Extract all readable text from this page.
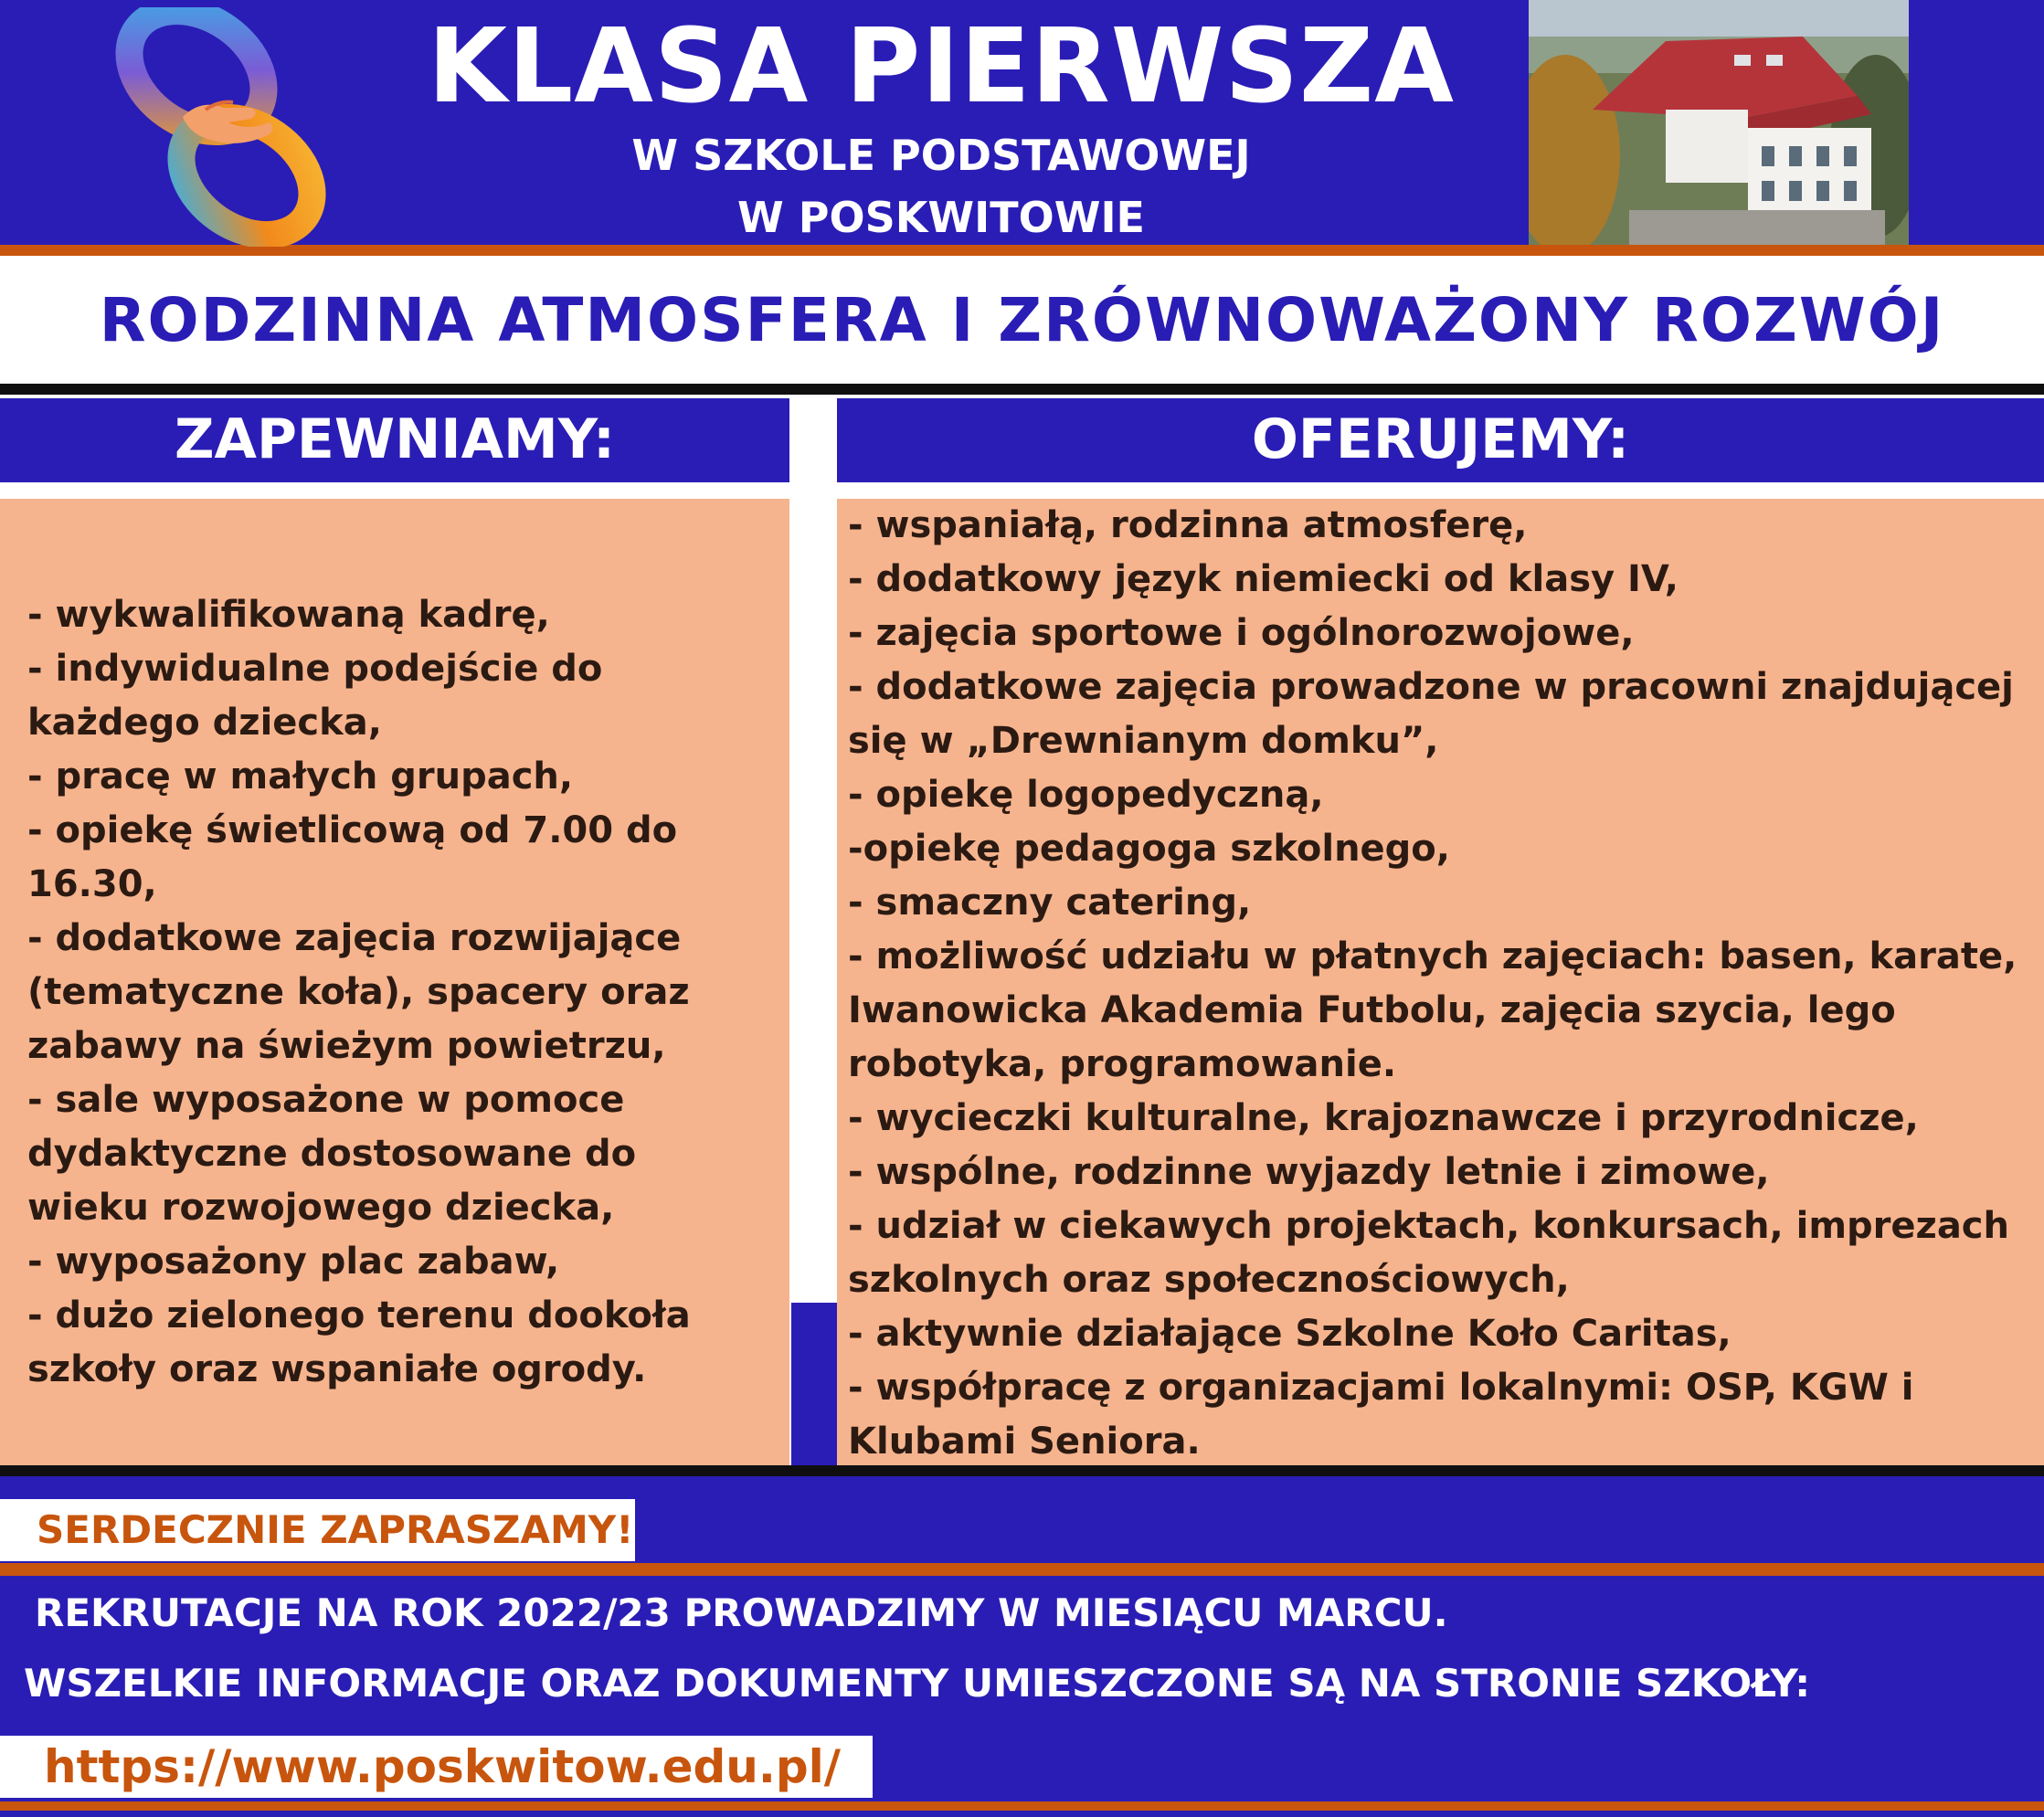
KLASA PIERWSZA
W SZKOLE PODSTAWOWEJ
W POSKWITOWIE
RODZINNA ATMOSFERA I ZRÓWNOWAŻONY ROZWÓJ
ZAPEWNIAMY:	OFERUJEMY:
- wykwalifikowaną kadrę,
- indywidualne podejście do każdego dziecka,
- pracę w małych grupach,
- opiekę świetlicową od 7.00 do 16.30,
- dodatkowe zajęcia rozwijające (tematyczne koła), spacery oraz zabawy na świeżym powietrzu,
- sale wyposażone w pomoce dydaktyczne dostosowane do wieku rozwojowego dziecka,
- wyposażony plac zabaw,
- dużo zielonego terenu dookoła szkoły oraz wspaniałe ogrody.
- wspaniałą, rodzinna atmosferę,
- dodatkowy język niemiecki od klasy IV,
- zajęcia sportowe i ogólnorozwojowe,
- dodatkowe zajęcia prowadzone w pracowni znajdującej się w „Drewnianym domku”,
- opiekę logopedyczną,
-opiekę pedagoga szkolnego,
- smaczny catering,
- możliwość udziału w płatnych zajęciach: basen, karate, Iwanowicka Akademia Futbolu, zajęcia szycia, lego robotyka, programowanie.
- wycieczki kulturalne, krajoznawcze i przyrodnicze,
- wspólne, rodzinne wyjazdy letnie i zimowe,
- udział w ciekawych projektach, konkursach, imprezach szkolnych oraz społecznościowych,
- aktywnie działające Szkolne Koło Caritas,
- współpracę z organizacjami lokalnymi: OSP, KGW i Klubami Seniora.
SERDECZNIE ZAPRASZAMY!
REKRUTACJE NA ROK 2022/23 PROWADZIMY W MIESIĄCU MARCU.
WSZELKIE INFORMACJE ORAZ DOKUMENTY UMIESZCZONE SĄ NA STRONIE SZKOŁY:
https://www.poskwitow.edu.pl/
